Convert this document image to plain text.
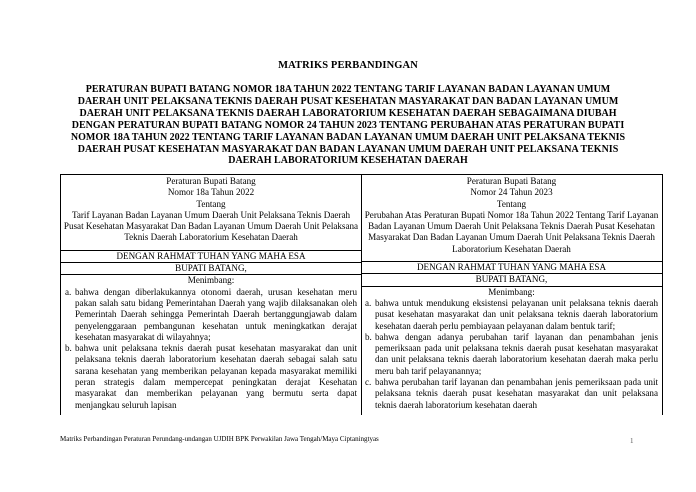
MATRIKS PERBANDINGAN
PERATURAN BUPATI BATANG NOMOR 18A TAHUN 2022 TENTANG TARIF LAYANAN BADAN LAYANAN UMUM DAERAH UNIT PELAKSANA TEKNIS DAERAH PUSAT KESEHATAN MASYARAKAT DAN BADAN LAYANAN UMUM DAERAH UNIT PELAKSANA TEKNIS DAERAH LABORATORIUM KESEHATAN DAERAH SEBAGAIMANA DIUBAH DENGAN PERATURAN BUPATI BATANG NOMOR 24 TAHUN 2023 TENTANG PERUBAHAN ATAS PERATURAN BUPATI NOMOR 18A TAHUN 2022 TENTANG TARIF LAYANAN BADAN LAYANAN UMUM DAERAH UNIT PELAKSANA TEKNIS DAERAH PUSAT KESEHATAN MASYARAKAT DAN BADAN LAYANAN UMUM DAERAH UNIT PELAKSANA TEKNIS DAERAH LABORATORIUM KESEHATAN DAERAH
Peraturan Bupati Batang
Nomor 18a Tahun 2022
Tentang
Tarif Layanan Badan Layanan Umum Daerah Unit Pelaksana Teknis Daerah Pusat Kesehatan Masyarakat Dan Badan Layanan Umum Daerah Unit Pelaksana Teknis Daerah Laboratorium Kesehatan Daerah
DENGAN RAHMAT TUHAN YANG MAHA ESA
BUPATI BATANG,
Menimbang:
a. bahwa dengan diberlakukannya otonomi daerah, urusan kesehatan meru pakan salah satu bidang Pemerintahan Daerah yang wajib dilaksanakan oleh Pemerintah Daerah sehingga Pemerintah Daerah bertanggungjawab dalam penyelenggaraan pembangunan kesehatan untuk meningkatkan derajat kesehatan masyarakat di wilayahnya;
b. bahwa unit pelaksana teknis daerah pusat kesehatan masyarakat dan unit pelaksana teknis daerah laboratorium kesehatan daerah sebagai salah satu sarana kesehatan yang memberikan pelayanan kepada masyarakat memiliki peran strategis dalam mempercepat peningkatan derajat Kesehatan masyarakat dan memberikan pelayanan yang bermutu serta dapat menjangkau seluruh lapisan
Peraturan Bupati Batang
Nomor 24 Tahun 2023
Tentang
Perubahan Atas Peraturan Bupati Nomor 18a Tahun 2022 Tentang Tarif Layanan Badan Layanan Umum Daerah Unit Pelaksana Teknis Daerah Pusat Kesehatan Masyarakat Dan Badan Layanan Umum Daerah Unit Pelaksana Teknis Daerah Laboratorium Kesehatan Daerah
DENGAN RAHMAT TUHAN YANG MAHA ESA
BUPATI BATANG,
Menimbang:
a. bahwa untuk mendukung eksistensi pelayanan unit pelaksana teknis daerah pusat kesehatan masyarakat dan unit pelaksana teknis daerah laboratorium kesehatan daerah perlu pembiayaan pelayanan dalam bentuk tarif;
b. bahwa dengan adanya perubahan tarif layanan dan penambahan jenis pemeriksaan pada unit pelaksana teknis daerah pusat kesehatan masyarakat dan unit pelaksana teknis daerah laboratorium kesehatan daerah maka perlu meru bah tarif pelayanannya;
c. bahwa perubahan tarif layanan dan penambahan jenis pemeriksaan pada unit pelaksana teknis daerah pusat kesehatan masyarakat dan unit pelaksana teknis daerah laboratorium kesehatan daerah
Matriks Perbandingan Peraturan Perundang-undangan UJDIH BPK Perwakilan Jawa Tengah/Maya Ciptaningtyas	1
